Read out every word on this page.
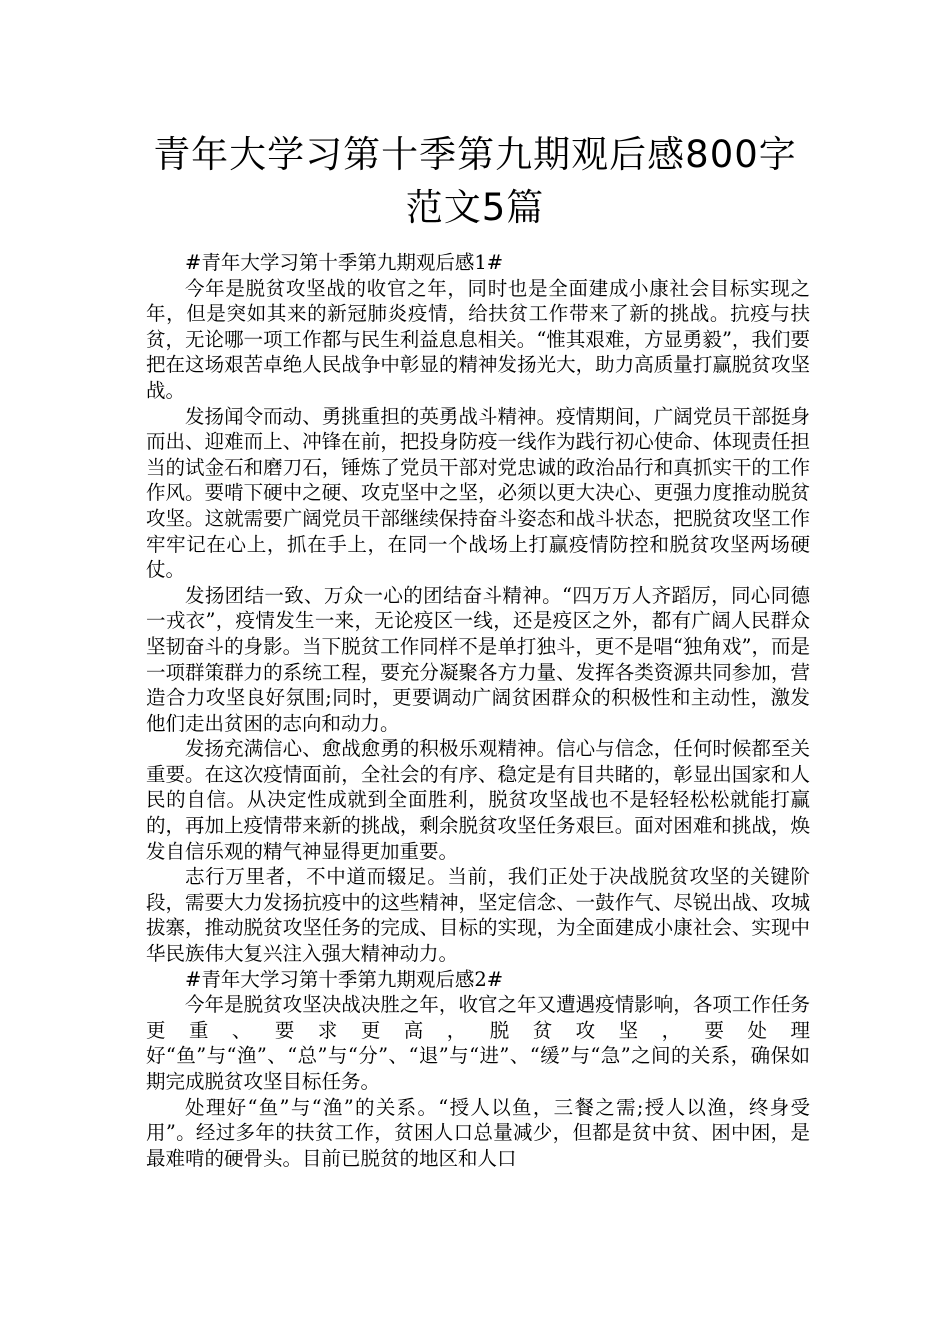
青年大学习第十季第九期观后感800字
范文5篇

#青年大学习第十季第九期观后感1#

今年是脱贫攻坚战的收官之年，同时也是全面建成小康社会目标实现之年，但是突如其来的新冠肺炎疫情，给扶贫工作带来了新的挑战。抗疫与扶贫，无论哪一项工作都与民生利益息息相关。“惟其艰难，方显勇毅”，我们要把在这场艰苦卓绝人民战争中彰显的精神发扬光大，助力高质量打赢脱贫攻坚战。

发扬闻令而动、勇挑重担的英勇战斗精神。疫情期间，广阔党员干部挺身而出、迎难而上、冲锋在前，把投身防疫一线作为践行初心使命、体现责任担当的试金石和磨刀石，锤炼了党员干部对党忠诚的政治品行和真抓实干的工作作风。要啃下硬中之硬、攻克坚中之坚，必须以更大决心、更强力度推动脱贫攻坚。这就需要广阔党员干部继续保持奋斗姿态和战斗状态，把脱贫攻坚工作牢牢记在心上，抓在手上，在同一个战场上打赢疫情防控和脱贫攻坚两场硬仗。

发扬团结一致、万众一心的团结奋斗精神。“四万万人齐蹈厉，同心同德一戎衣”，疫情发生一来，无论疫区一线，还是疫区之外，都有广阔人民群众坚韧奋斗的身影。当下脱贫工作同样不是单打独斗，更不是唱“独角戏”，而是一项群策群力的系统工程，要充分凝聚各方力量、发挥各类资源共同参加，营造合力攻坚良好氛围;同时，更要调动广阔贫困群众的积极性和主动性，激发他们走出贫困的志向和动力。

发扬充满信心、愈战愈勇的积极乐观精神。信心与信念，任何时候都至关重要。在这次疫情面前，全社会的有序、稳定是有目共睹的，彰显出国家和人民的自信。从决定性成就到全面胜利，脱贫攻坚战也不是轻轻松松就能打赢的，再加上疫情带来新的挑战，剩余脱贫攻坚任务艰巨。面对困难和挑战，焕发自信乐观的精气神显得更加重要。

志行万里者，不中道而辍足。当前，我们正处于决战脱贫攻坚的关键阶段，需要大力发扬抗疫中的这些精神，坚定信念、一鼓作气、尽锐出战、攻城拔寨，推动脱贫攻坚任务的完成、目标的实现，为全面建成小康社会、实现中华民族伟大复兴注入强大精神动力。

#青年大学习第十季第九期观后感2#

今年是脱贫攻坚决战决胜之年，收官之年又遭遇疫情影响，各项工作任务更重、要求更高，脱贫攻坚，要处理好“鱼”与“渔”、“总”与“分”、“退”与“进”、“缓”与“急”之间的关系，确保如期完成脱贫攻坚目标任务。

处理好“鱼”与“渔”的关系。“授人以鱼，三餐之需;授人以渔，终身受用”。经过多年的扶贫工作，贫困人口总量减少，但都是贫中贫、困中困，是最难啃的硬骨头。目前已脱贫的地区和人口
